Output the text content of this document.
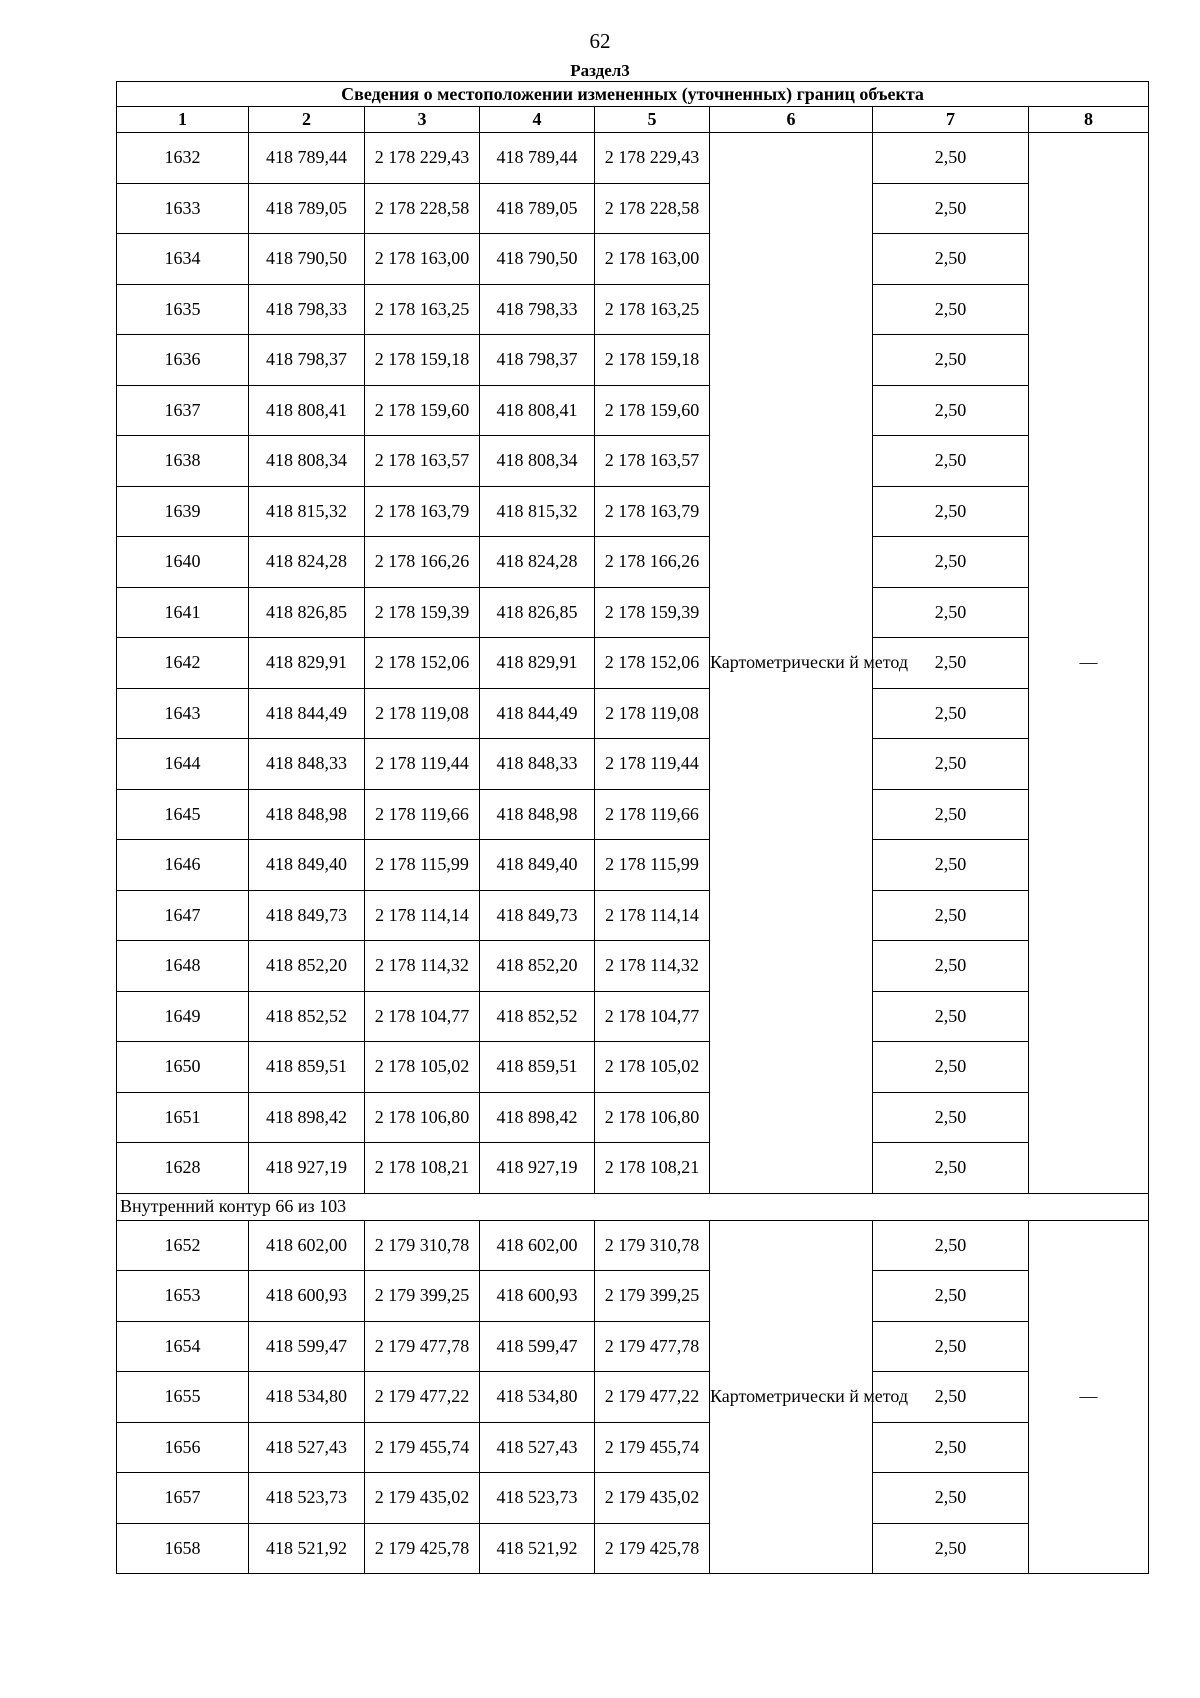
62
Раздел3
Сведения о местоположении измененных (уточненных) границ объекта							
1	2	3	4	5	6	7	8
1632	418 789,44	2 178 229,43	418 789,44	2 178 229,43	Картометрически й метод	2,50	—
1633	418 789,05	2 178 228,58	418 789,05	2 178 228,58		2,50	
1634	418 790,50	2 178 163,00	418 790,50	2 178 163,00		2,50	
1635	418 798,33	2 178 163,25	418 798,33	2 178 163,25		2,50	
1636	418 798,37	2 178 159,18	418 798,37	2 178 159,18		2,50	
1637	418 808,41	2 178 159,60	418 808,41	2 178 159,60		2,50	
1638	418 808,34	2 178 163,57	418 808,34	2 178 163,57		2,50	
1639	418 815,32	2 178 163,79	418 815,32	2 178 163,79		2,50	
1640	418 824,28	2 178 166,26	418 824,28	2 178 166,26		2,50	
1641	418 826,85	2 178 159,39	418 826,85	2 178 159,39		2,50	
1642	418 829,91	2 178 152,06	418 829,91	2 178 152,06		2,50	
1643	418 844,49	2 178 119,08	418 844,49	2 178 119,08		2,50	
1644	418 848,33	2 178 119,44	418 848,33	2 178 119,44		2,50	
1645	418 848,98	2 178 119,66	418 848,98	2 178 119,66		2,50	
1646	418 849,40	2 178 115,99	418 849,40	2 178 115,99		2,50	
1647	418 849,73	2 178 114,14	418 849,73	2 178 114,14		2,50	
1648	418 852,20	2 178 114,32	418 852,20	2 178 114,32		2,50	
1649	418 852,52	2 178 104,77	418 852,52	2 178 104,77		2,50	
1650	418 859,51	2 178 105,02	418 859,51	2 178 105,02		2,50	
1651	418 898,42	2 178 106,80	418 898,42	2 178 106,80		2,50	
1628	418 927,19	2 178 108,21	418 927,19	2 178 108,21		2,50	
Внутренний контур 66 из 103							
1652	418 602,00	2 179 310,78	418 602,00	2 179 310,78	Картометрически й метод	2,50	—
1653	418 600,93	2 179 399,25	418 600,93	2 179 399,25		2,50	
1654	418 599,47	2 179 477,78	418 599,47	2 179 477,78		2,50	
1655	418 534,80	2 179 477,22	418 534,80	2 179 477,22		2,50	
1656	418 527,43	2 179 455,74	418 527,43	2 179 455,74		2,50	
1657	418 523,73	2 179 435,02	418 523,73	2 179 435,02		2,50	
1658	418 521,92	2 179 425,78	418 521,92	2 179 425,78		2,50	
